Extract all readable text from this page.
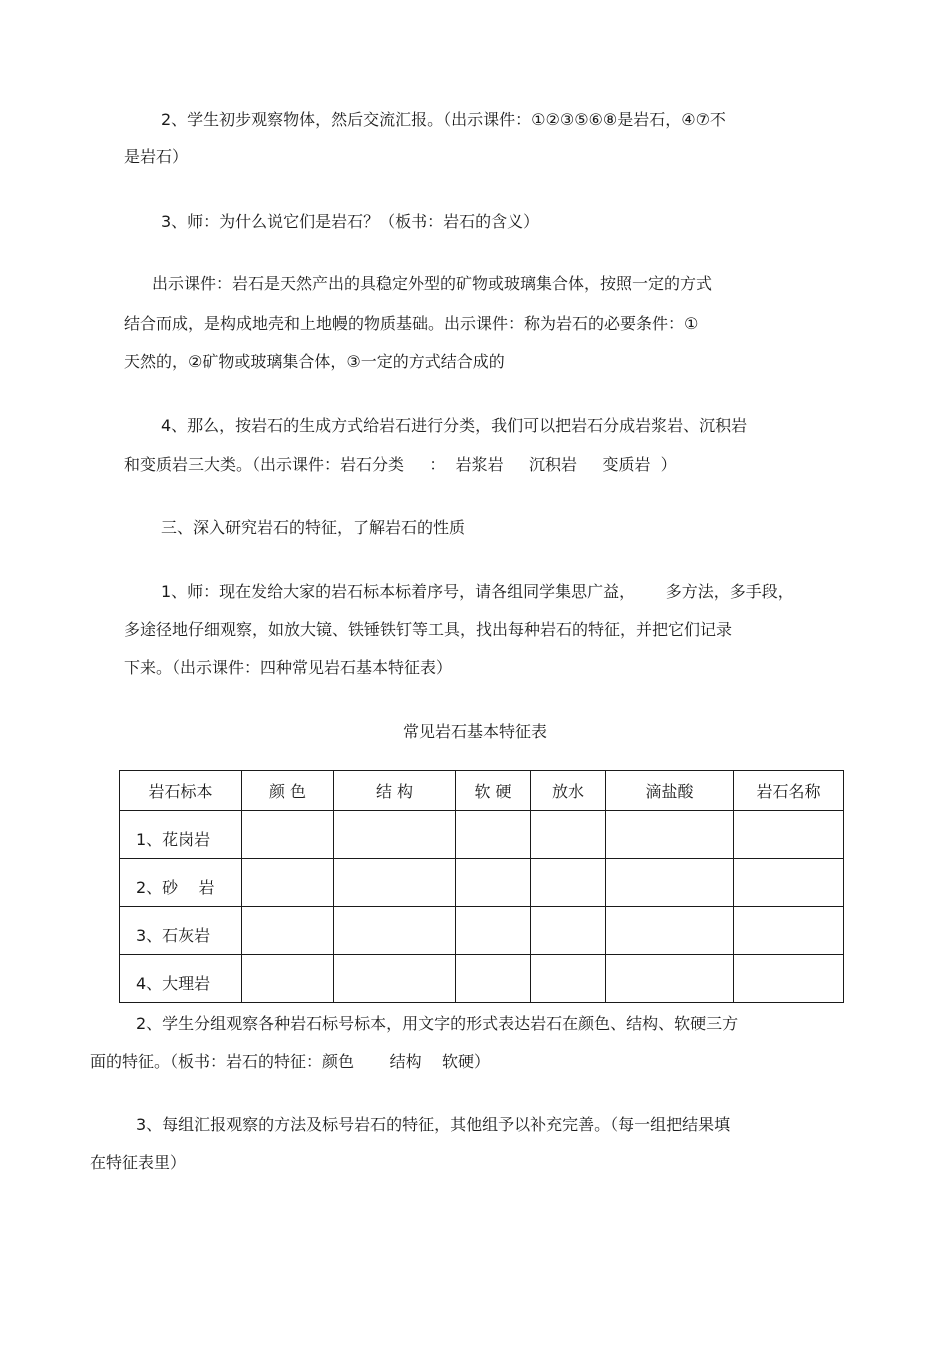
2、学生初步观察物体，然后交流汇报。（出示课件：①②③⑤⑥⑧是岩石，④⑦不
是岩石）
3、师：为什么说它们是岩石？（板书：岩石的含义）
出示课件：岩石是天然产出的具稳定外型的矿物或玻璃集合体，按照一定的方式
结合而成，是构成地壳和上地幔的物质基础。出示课件：称为岩石的必要条件：①
天然的，②矿物或玻璃集合体，③一定的方式结合成的
4、那么，按岩石的生成方式给岩石进行分类，我们可以把岩石分成岩浆岩、沉积岩
和变质岩三大类。（出示课件：岩石分类     ：  岩浆岩     沉积岩     变质岩  ）
三、深入研究岩石的特征，了解岩石的性质
1、师：现在发给大家的岩石标本标着序号，请各组同学集思广益，      多方法，多手段，
多途径地仔细观察，如放大镜、铁锤铁钉等工具，找出每种岩石的特征，并把它们记录
下来。（出示课件：四种常见岩石基本特征表）
常见岩石基本特征表
岩石标本	颜 色	结 构	软 硬	放水	滴盐酸	岩石名称
1、花岗岩						
2、砂    岩						
3、石灰岩						
4、大理岩						
2、学生分组观察各种岩石标号标本，用文字的形式表达岩石在颜色、结构、软硬三方
面的特征。（板书：岩石的特征：颜色       结构    软硬）
3、每组汇报观察的方法及标号岩石的特征，其他组予以补充完善。（每一组把结果填
在特征表里）
